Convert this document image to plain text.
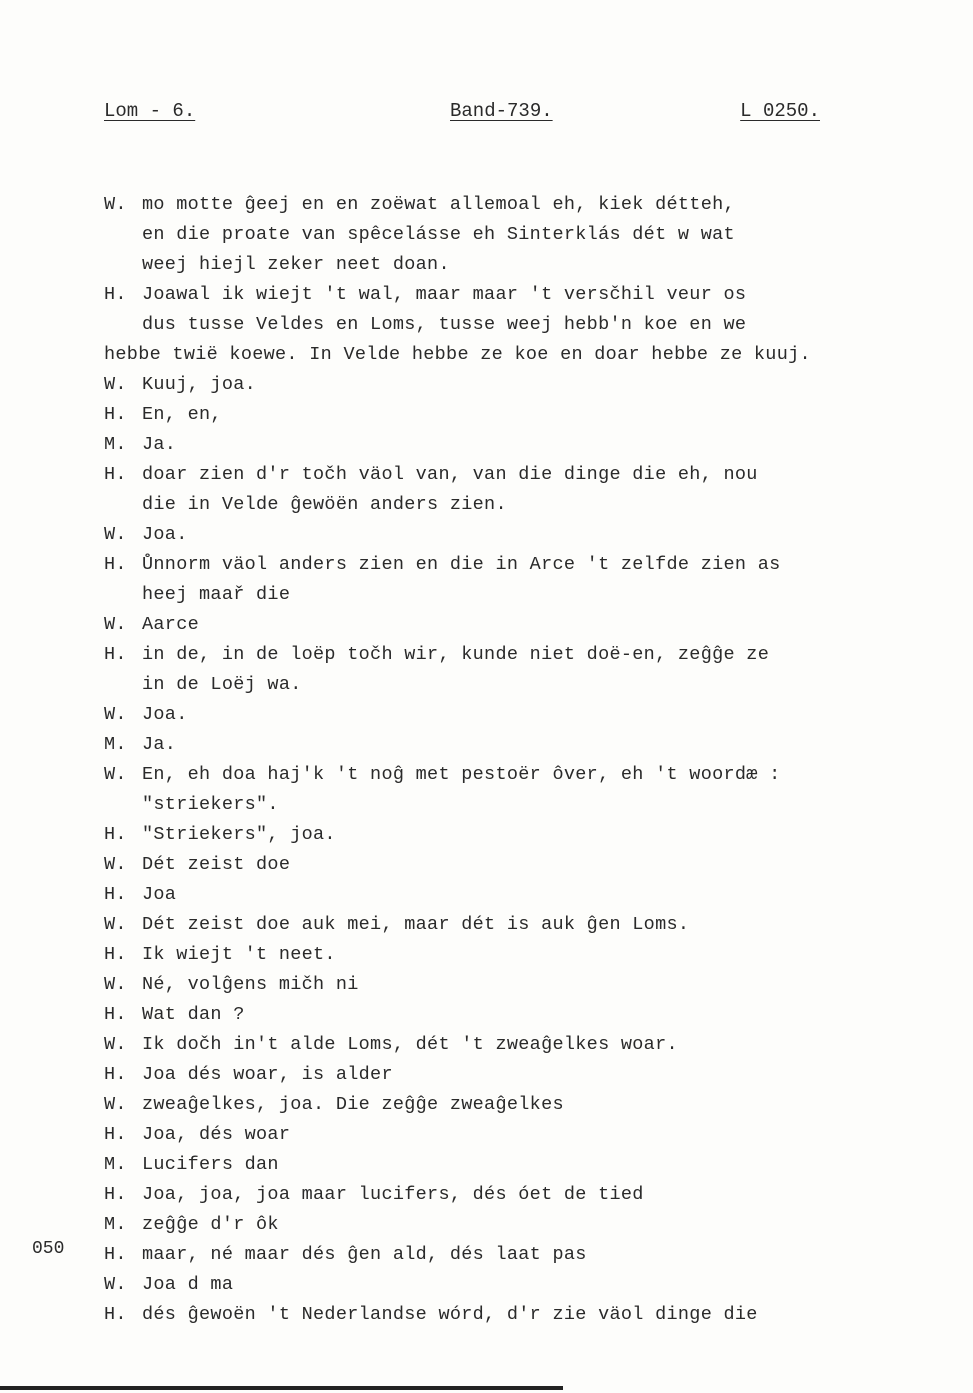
Lom - 6.	Band-739.	L 0250.
050
W. mo motte ĝeej en en zoëwat allemoal eh, kiek détteh,
en die proate van spêcelásse eh Sinterklás dét w wat
weej hiejl zeker neet doan.
H. Joawal ik wiejt 't wal, maar maar 't versčhil veur os
dus tusse Veldes en Loms, tusse weej hebb'n koe en we
hebbe twië koewe. In Velde hebbe ze koe en doar hebbe ze kuuj.
W. Kuuj, joa.
H. En, en,
M. Ja.
H. doar zien d'r točh väol van, van die dinge die eh, nou
die in Velde ĝewöën anders zien.
W. Joa.
H. Ůnnorm väol anders zien en die in Arce 't zelfde zien as
heej maař die
W. Aarce
H. in de, in de loëp točh wir, kunde niet doë-en, zeĝĝe ze
in de Loëj wa.
W. Joa.
M. Ja.
W. En, eh doa haj'k 't noĝ met pestoër ôver, eh 't woordæ :
"striekers".
H. "Striekers", joa.
W. Dét zeist doe
H. Joa
W. Dét zeist doe auk mei, maar dét is auk ĝen Loms.
H. Ik wiejt 't neet.
W. Né, volĝens mičh ni
H. Wat dan ?
W. Ik dočh in't alde Loms, dét 't zweaĝelkes woar.
H. Joa dés woar, is alder
W. zweaĝelkes, joa. Die zeĝĝe zweaĝelkes
H. Joa, dés woar
M. Lucifers dan
H. Joa, joa, joa maar lucifers, dés óet de tied
M. zeĝĝe d'r ôk
H. maar, né maar dés ĝen ald, dés laat pas
W. Joa d ma
H. dés ĝewoën 't Nederlandse wórd, d'r zie väol dinge die
